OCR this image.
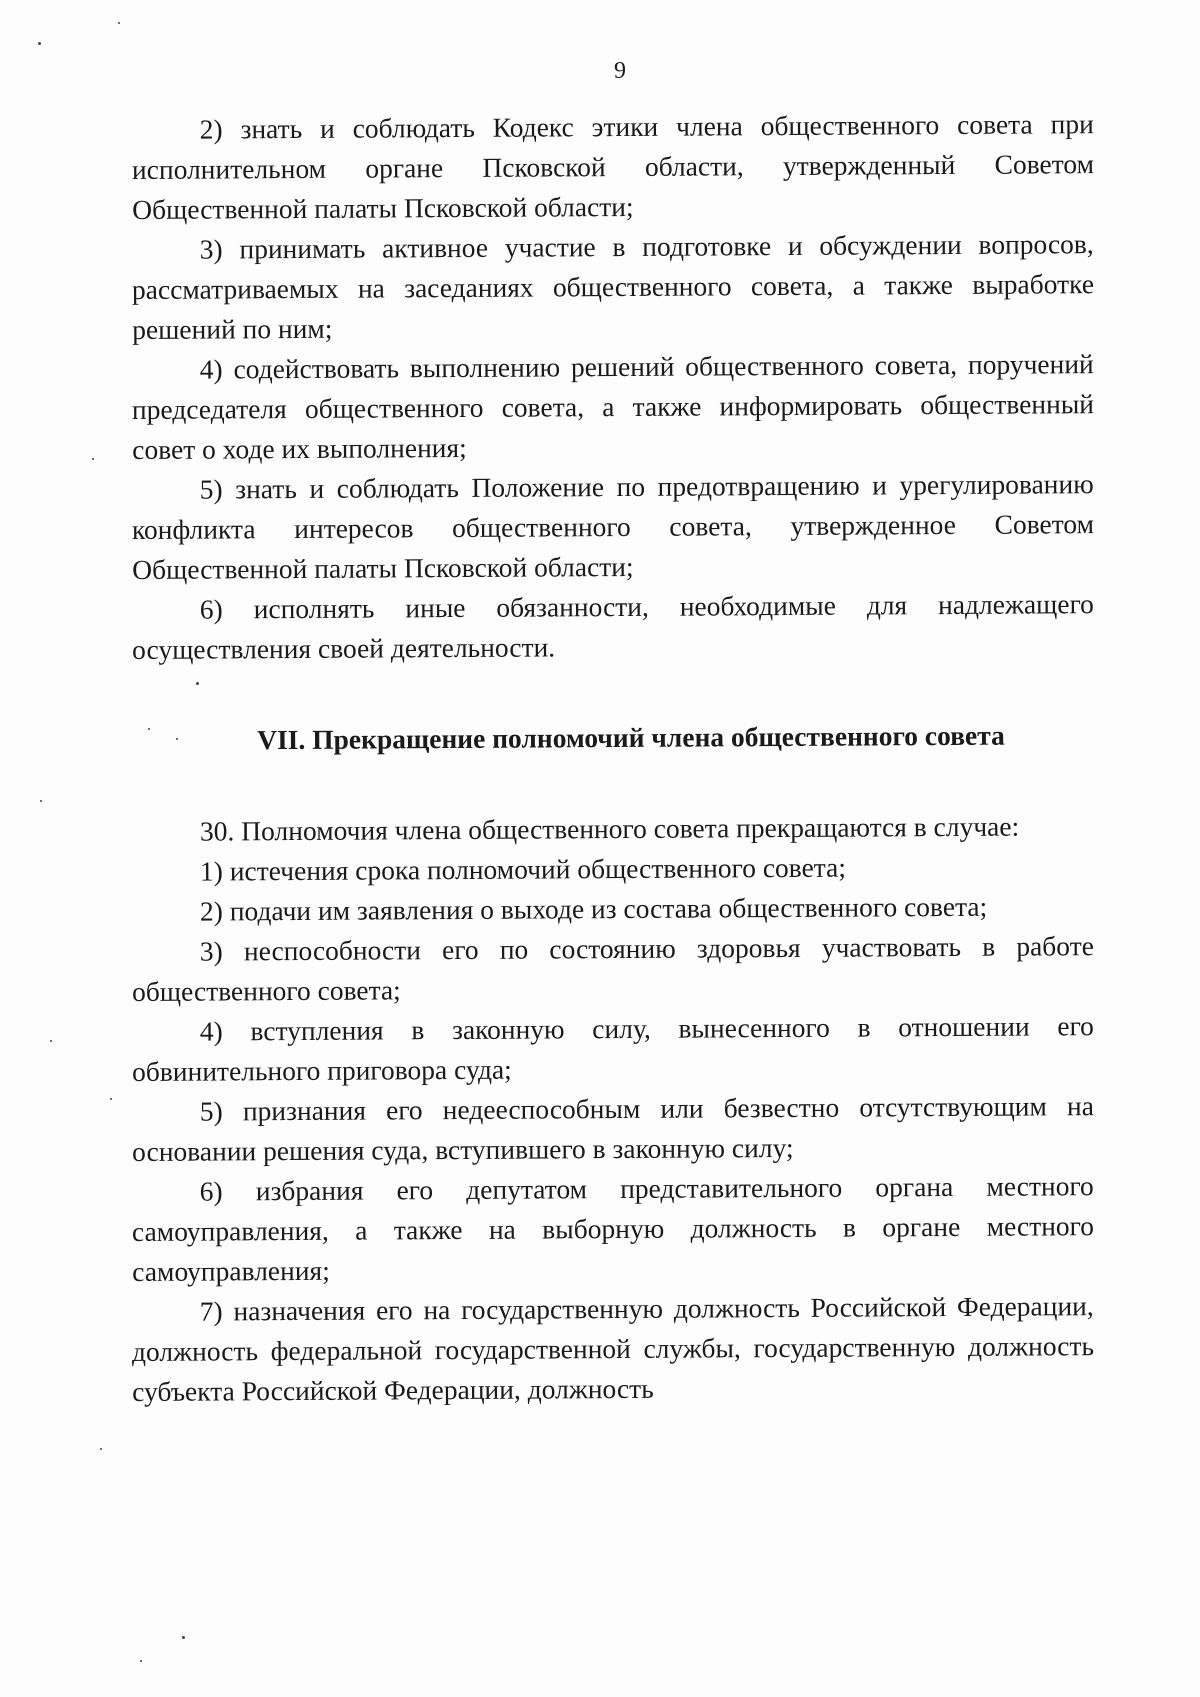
9

2) знать и соблюдать Кодекс этики члена общественного совета при исполнительном органе Псковской области, утвержденный Советом Общественной палаты Псковской области;

3) принимать активное участие в подготовке и обсуждении вопросов, рассматриваемых на заседаниях общественного совета, а также выработке решений по ним;

4) содействовать выполнению решений общественного совета, поручений председателя общественного совета, а также информировать общественный совет о ходе их выполнения;

5) знать и соблюдать Положение по предотвращению и урегулированию конфликта интересов общественного совета, утвержденное Советом Общественной палаты Псковской области;

6) исполнять иные обязанности, необходимые для надлежащего осуществления своей деятельности.

VII. Прекращение полномочий члена общественного совета

30. Полномочия члена общественного совета прекращаются в случае:

1) истечения срока полномочий общественного совета;

2) подачи им заявления о выходе из состава общественного совета;

3) неспособности его по состоянию здоровья участвовать в работе общественного совета;

4) вступления в законную силу, вынесенного в отношении его обвинительного приговора суда;

5) признания его недееспособным или безвестно отсутствующим на основании решения суда, вступившего в законную силу;

6) избрания его депутатом представительного органа местного самоуправления, а также на выборную должность в органе местного самоуправления;

7) назначения его на государственную должность Российской Федерации, должность федеральной государственной службы, государственную должность субъекта Российской Федерации, должность
